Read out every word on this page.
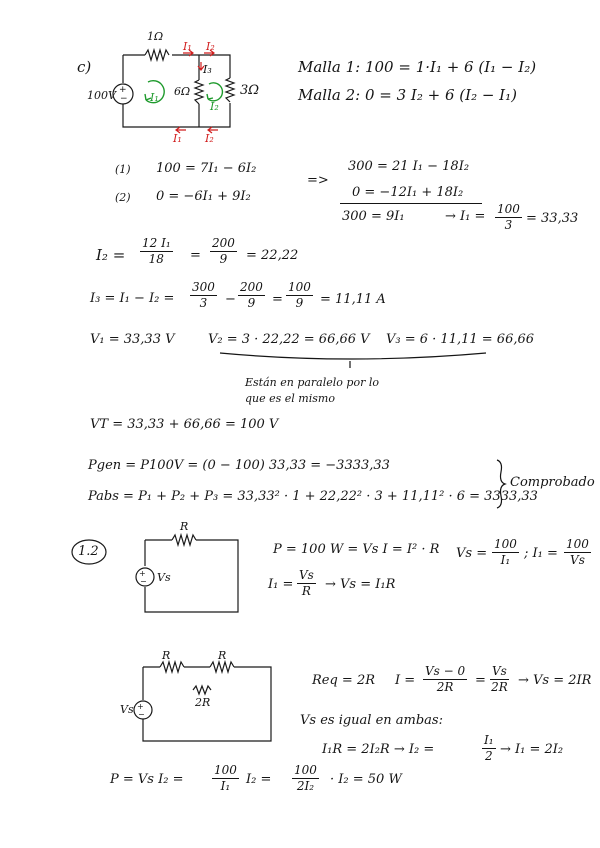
+
−
c)
1Ω
100V	6Ω	3Ω
I₁ I₂
I₃
I₁
I₂
I₁ I₂
Malla 1: 100 = 1·I₁ + 6 (I₁ − I₂)
Malla 2: 0 = 3 I₂ + 6 (I₂ − I₁)
(1) 100 = 7I₁ − 6I₂
(2) 0 = −6I₁ + 9I₂
=>
300 = 21 I₁ − 18I₂
0 = −12I₁ + 18I₂
300 = 9I₁	→ $I_1 = \frac{100}{3} = 33,33$
$I_2 = \frac{\text{12 I₁}}{18} = \frac{200}{9} = 22,22$
$I_3 = I_1 - I_2 = \frac{300}{3} - \frac{200}{9} = \frac{100}{9} = 11,11$ A
V₁ = 33,33 V	V₂ = 3 · 22,22 = 66,66 V V₃ = 6 · 11,11 = 66,66
Están en paralelo por lo
que es el mismo
VT = 33,33 + 66,66 = 100 V
Pgen = P100V = (0 − 100) 33,33 = −3333,33
Pabs = P₁ + P₂ + P₃ = 33,33² · 1 + 22,22² · 3 + 11,11² · 6 = 3333,33
Comprobado
+
−
+
−
1.2
R
Vs
P = 100 W = Vs I = I² · R $Vs = \frac{100}{\text{I₁}}$ ; $I_1 = \frac{100}{Vs}$
$I_1 = \frac{Vs}{R} \to Vs = I_1R$
R	R
2R
Vs
Req = 2R $I = \frac{Vs - 0}{2R} = \frac{Vs}{2R} \to Vs = 2IR$
Vs es igual en ambas:
I₁R = 2I₂R → I₂ =	$\frac{\text{I₁}}{2} \to I_1 = 2I_2$
P = Vs $I_2 = \frac{100}{\text{I₁}} I_2 = \frac{100}{\text{2I₂}} \cdot I_2 = 50$ W
